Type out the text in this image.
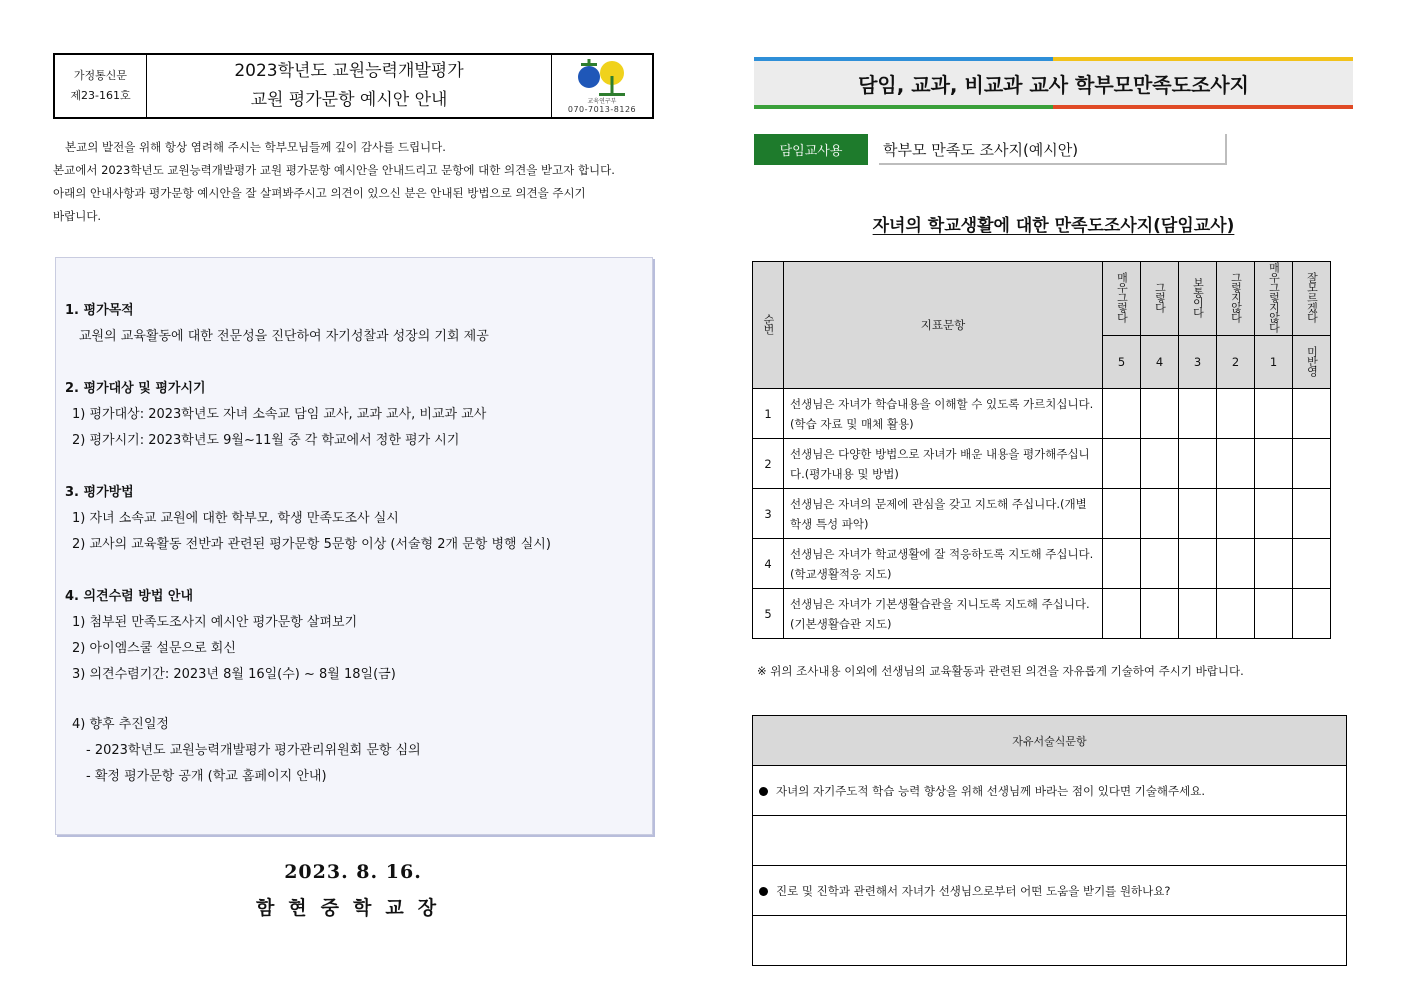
가정통신문
제23-161호
2023학년도 교원능력개발평가
교원 평가문항 예시안 안내	교육연구부
070-7013-8126

본교의 발전을 위해 항상 염려해 주시는 학부모님들께 깊이 감사를 드립니다.

본교에서 2023학년도 교원능력개발평가 교원 평가문항 예시안을 안내드리고 문항에 대한 의견을 받고자 합니다.

아래의 안내사항과 평가문항 예시안을 잘 살펴봐주시고 의견이 있으신 분은 안내된 방법으로 의견을 주시기

바랍니다.

1. 평가목적
교원의 교육활동에 대한 전문성을 진단하여 자기성찰과 성장의 기회 제공
2. 평가대상 및 평가시기
1) 평가대상: 2023학년도 자녀 소속교 담임 교사, 교과 교사, 비교과 교사
2) 평가시기: 2023학년도 9월~11월 중 각 학교에서 정한 평가 시기
3. 평가방법
1) 자녀 소속교 교원에 대한 학부모, 학생 만족도조사 실시
2) 교사의 교육활동 전반과 관련된 평가문항 5문항 이상 (서술형 2개 문항 병행 실시)
4. 의견수렴 방법 안내
1) 첨부된 만족도조사지 예시안 평가문항 살펴보기
2) 아이엠스쿨 설문으로 회신
3) 의견수렴기간: 2023년 8월 16일(수) ~ 8월 18일(금)
4) 향후 추진일정
- 2023학년도 교원능력개발평가 평가관리위원회 문항 심의
- 확정 평가문항 공개 (학교 홈페이지 안내)
2023. 8. 16.
함현중학교장
담임, 교과, 비교과 교사 학부모만족도조사지
담임교사용	학부모 만족도 조사지(예시안)
자녀의 학교생활에 대한 만족도조사지(담임교사)
순번	지표문항	매우그렇다	그렇다	보통이다	그렇지않다	매우그렇지않다	잘모르겠다
		5	4	3	2	1	미반영
1	선생님은 자녀가 학습내용을 이해할 수 있도록 가르치십니다.(학습 자료 및 매체 활용)						
2	선생님은 다양한 방법으로 자녀가 배운 내용을 평가해주십니다.(평가내용 및 방법)						
3	선생님은 자녀의 문제에 관심을 갖고 지도해 주십니다.(개별학생 특성 파악)						
4	선생님은 자녀가 학교생활에 잘 적응하도록 지도해 주십니다.(학교생활적응 지도)						
5	선생님은 자녀가 기본생활습관을 지니도록 지도해 주십니다.(기본생활습관 지도)						
※ 위의 조사내용 이외에 선생님의 교육활동과 관련된 의견을 자유롭게 기술하여 주시기 바랍니다.
자유서술식문항
자녀의 자기주도적 학습 능력 향상을 위해 선생님께 바라는 점이 있다면 기술해주세요.

진로 및 진학과 관련해서 자녀가 선생님으로부터 어떤 도움을 받기를 원하나요?
